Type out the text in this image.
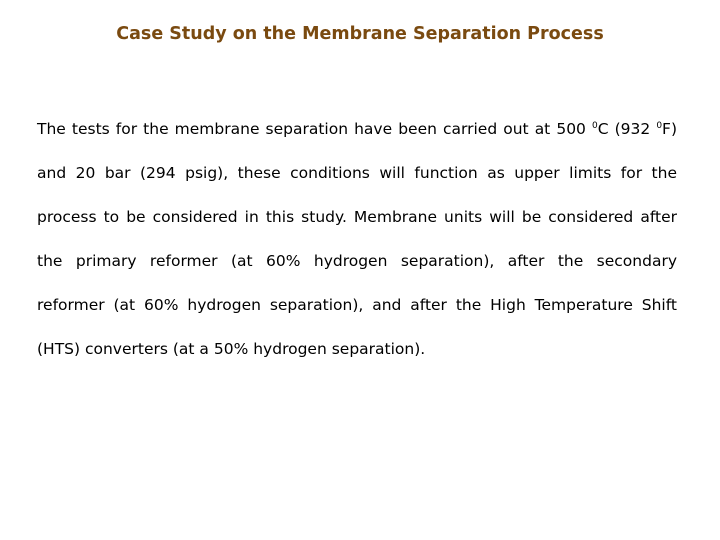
Case Study on the Membrane Separation Process
The tests for the membrane separation have been carried out at 500 $^0$C (932 $^0$F)
and 20 bar (294 psig), these conditions will function as upper limits for the
process to be considered in this study. Membrane units will be considered after
the primary reformer (at 60% hydrogen separation), after the secondary
reformer (at 60% hydrogen separation), and after the High Temperature Shift
(HTS) converters (at a 50% hydrogen separation).
